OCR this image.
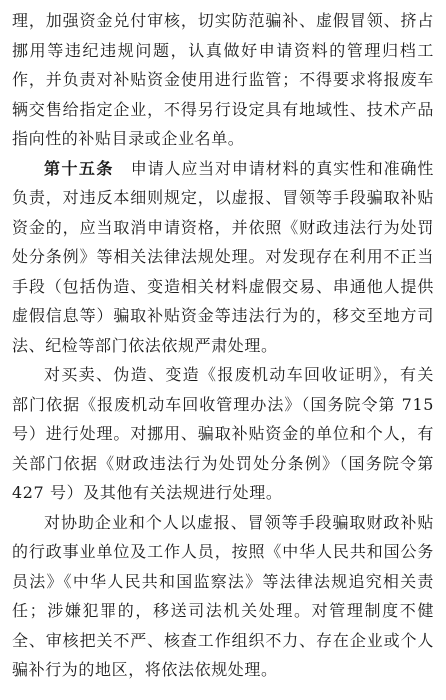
理，加强资金兑付审核，切实防范骗补、虚假冒领、挤占挪用等违纪违规问题，认真做好申请资料的管理归档工作，并负责对补贴资金使用进行监管；不得要求将报废车辆交售给指定企业，不得另行设定具有地域性、技术产品指向性的补贴目录或企业名单。

第十五条　 申请人应当对申请材料的真实性和准确性负责，对违反本细则规定，以虚报、冒领等手段骗取补贴资金的，应当取消申请资格，并依照《财政违法行为处罚处分条例》等相关法律法规处理。对发现存在利用不正当手段（包括伪造、变造相关材料虚假交易、串通他人提供虚假信息等）骗取补贴资金等违法行为的，移交至地方司法、纪检等部门依法依规严肃处理。

对买卖、伪造、变造《报废机动车回收证明》，有关部门依据《报废机动车回收管理办法》（国务院令第 715 号）进行处理。对挪用、骗取补贴资金的单位和个人，有关部门依据《财政违法行为处罚处分条例》（国务院令第 427 号）及其他有关法规进行处理。

对协助企业和个人以虚报、冒领等手段骗取财政补贴的行政事业单位及工作人员，按照《中华人民共和国公务员法》《中华人民共和国监察法》等法律法规追究相关责任；涉嫌犯罪的，移送司法机关处理。对管理制度不健全、审核把关不严、核查工作组织不力、存在企业或个人骗补行为的地区，将依法依规处理。
